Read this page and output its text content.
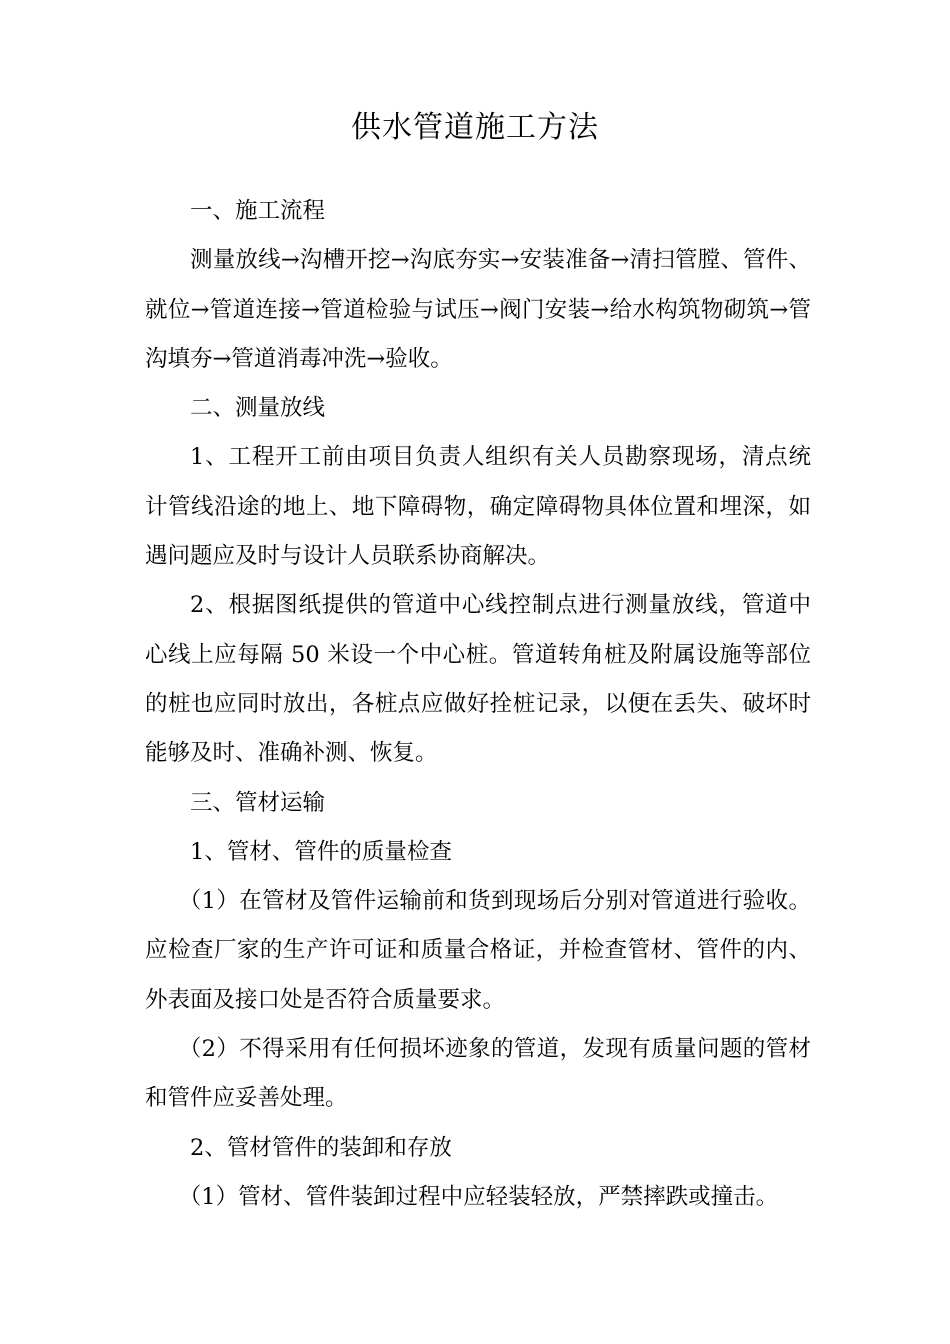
供水管道施工方法

一、施工流程

测量放线→沟槽开挖→沟底夯实→安装准备→清扫管膛、管件、就位→管道连接→管道检验与试压→阀门安装→给水构筑物砌筑→管沟填夯→管道消毒冲洗→验收。

二、测量放线

1、工程开工前由项目负责人组织有关人员勘察现场，清点统计管线沿途的地上、地下障碍物，确定障碍物具体位置和埋深，如遇问题应及时与设计人员联系协商解决。

2、根据图纸提供的管道中心线控制点进行测量放线，管道中心线上应每隔 50 米设一个中心桩。管道转角桩及附属设施等部位的桩也应同时放出，各桩点应做好拴桩记录，以便在丢失、破坏时能够及时、准确补测、恢复。

三、管材运输

1、管材、管件的质量检查

（1）在管材及管件运输前和货到现场后分别对管道进行验收。应检查厂家的生产许可证和质量合格证，并检查管材、管件的内、外表面及接口处是否符合质量要求。

（2）不得采用有任何损坏迹象的管道，发现有质量问题的管材和管件应妥善处理。

2、管材管件的装卸和存放

（1）管材、管件装卸过程中应轻装轻放，严禁摔跌或撞击。
